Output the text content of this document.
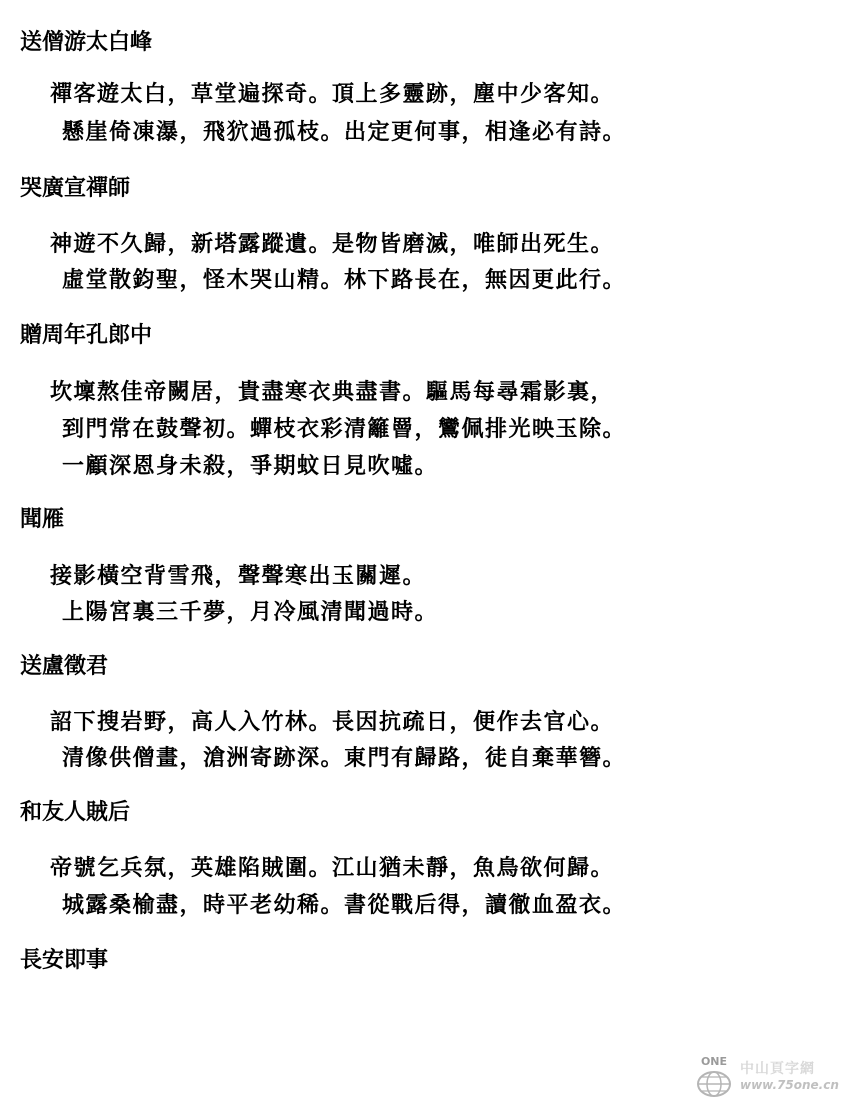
送僧游太白峰
禪客遊太白，草堂遍探奇。頂上多靈跡，塵中少客知。
懸崖倚凍瀑，飛狖過孤枝。出定更何事，相逢必有詩。
哭廣宣禪師
神遊不久歸，新塔露蹤遺。是物皆磨滅，唯師出死生。
虛堂散鈞聖，怪木哭山精。林下路長在，無因更此行。
贈周年孔郎中
坎壈熬佳帝闕居，貴盡寒衣典盡書。驅馬每尋霜影裏，
到門常在鼓聲初。蟬枝衣彩清籬罾，鸞佩排光映玉除。
一顧深恩身未殺，爭期蚊日見吹噓。
聞雁
接影橫空背雪飛，聲聲寒出玉關遲。
上陽宮裏三千夢，月冷風清聞過時。
送盧徵君
詔下搜岩野，高人入竹林。長因抗疏日，便作去官心。
清像供僧畫，滄洲寄跡深。東門有歸路，徒自棄華簪。
和友人賊后
帝號乞兵氛，英雄陷賊圍。江山猶未靜，魚鳥欲何歸。
城露桑榆盡，時平老幼稀。書從戰后得，讀徹血盈衣。
長安即事
ONE 中山頁字網
www.75one.cn
